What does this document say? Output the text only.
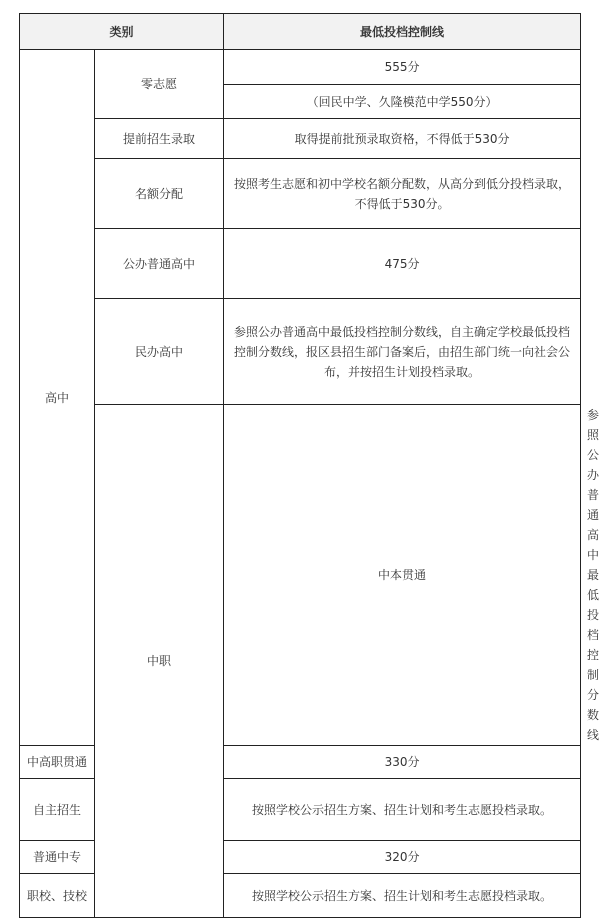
类别		最低投档控制线	
高中	零志愿	555分	
		（回民中学、久隆模范中学550分）	
	提前招生录取	取得提前批预录取资格，不得低于530分	
	名额分配	按照考生志愿和初中学校名额分配数，从高分到低分投档录取，不得低于530分。	
	公办普通高中	475分	
	民办高中	参照公办普通高中最低投档控制分数线，自主确定学校最低投档控制分数线，报区县招生部门备案后，由招生部门统一向社会公布，并按招生计划投档录取。	
	中职	中本贯通	参照公办普通高中最低投档控制分数线
中高职贯通		330分	
自主招生		按照学校公示招生方案、招生计划和考生志愿投档录取。	
普通中专		320分	
职校、技校		按照学校公示招生方案、招生计划和考生志愿投档录取。	
